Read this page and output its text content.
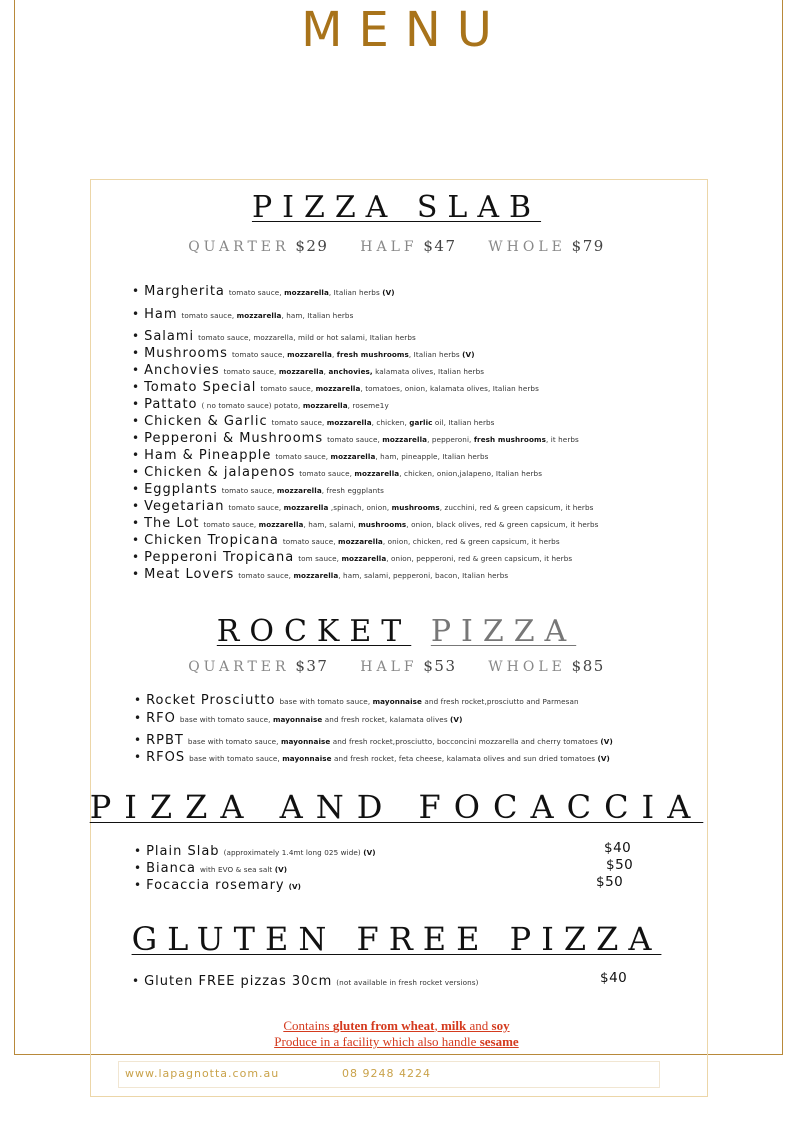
MENU
PIZZA SLAB
QUARTER $29 HALF $47 WHOLE $79
• Margherita tomato sauce, mozzarella, Italian herbs (V)
• Ham tomato sauce, mozzarella, ham, Italian herbs
• Salami tomato sauce, mozzarella, mild or hot salami, Italian herbs
• Mushrooms tomato sauce, mozzarella, fresh mushrooms, Italian herbs (V)
• Anchovies tomato sauce, mozzarella, anchovies, kalamata olives, Italian herbs
• Tomato Special tomato sauce, mozzarella, tomatoes, onion, kalamata olives, Italian herbs
• Pattato ( no tomato sauce) potato, mozzarella, roseme1y
• Chicken & Garlic tomato sauce, mozzarella, chicken, garlic oil, Italian herbs
• Pepperoni & Mushrooms tomato sauce, mozzarella, pepperoni, fresh mushrooms, it herbs
• Ham & Pineapple tomato sauce, mozzarella, ham, pineapple, Italian herbs
• Chicken & jalapenos tomato sauce, mozzarella, chicken, onion,jalapeno, Italian herbs
• Eggplants tomato sauce, mozzarella, fresh eggplants
• Vegetarian tomato sauce, mozzarella ,spinach, onion, mushrooms, zucchini, red & green capsicum, it herbs
• The Lot tomato sauce, mozzarella, ham, salami, mushrooms, onion, black olives, red & green capsicum, it herbs
• Chicken Tropicana tomato sauce, mozzarella, onion, chicken, red & green capsicum, it herbs
• Pepperoni Tropicana tom sauce, mozzarella, onion, pepperoni, red & green capsicum, it herbs
• Meat Lovers tomato sauce, mozzarella, ham, salami, pepperoni, bacon, Italian herbs
ROCKET PIZZA
QUARTER $37 HALF $53 WHOLE $85
• Rocket Prosciutto base with tomato sauce, mayonnaise and fresh rocket,prosciutto and Parmesan
• RFO base with tomato sauce, mayonnaise and fresh rocket, kalamata olives (V)
• RPBT base with tomato sauce, mayonnaise and fresh rocket,prosciutto, bocconcini mozzarella and cherry tomatoes (V)
• RFOS base with tomato sauce, mayonnaise and fresh rocket, feta cheese, kalamata olives and sun dried tomatoes (V)
PIZZA AND FOCACCIA
• Plain Slab (approximately 1.4mt long 025 wide) (V)	$40
• Bianca with EVO & sea salt (V)	$50
• Focaccia rosemary (V)	$50
GLUTEN FREE PIZZA
• Gluten FREE pizzas 30cm (not available in fresh rocket versions)	$40
Contains gluten from wheat, milk and soy
Produce in a facility which also handle sesame
www.lapagnotta.com.au	08 9248 4224
